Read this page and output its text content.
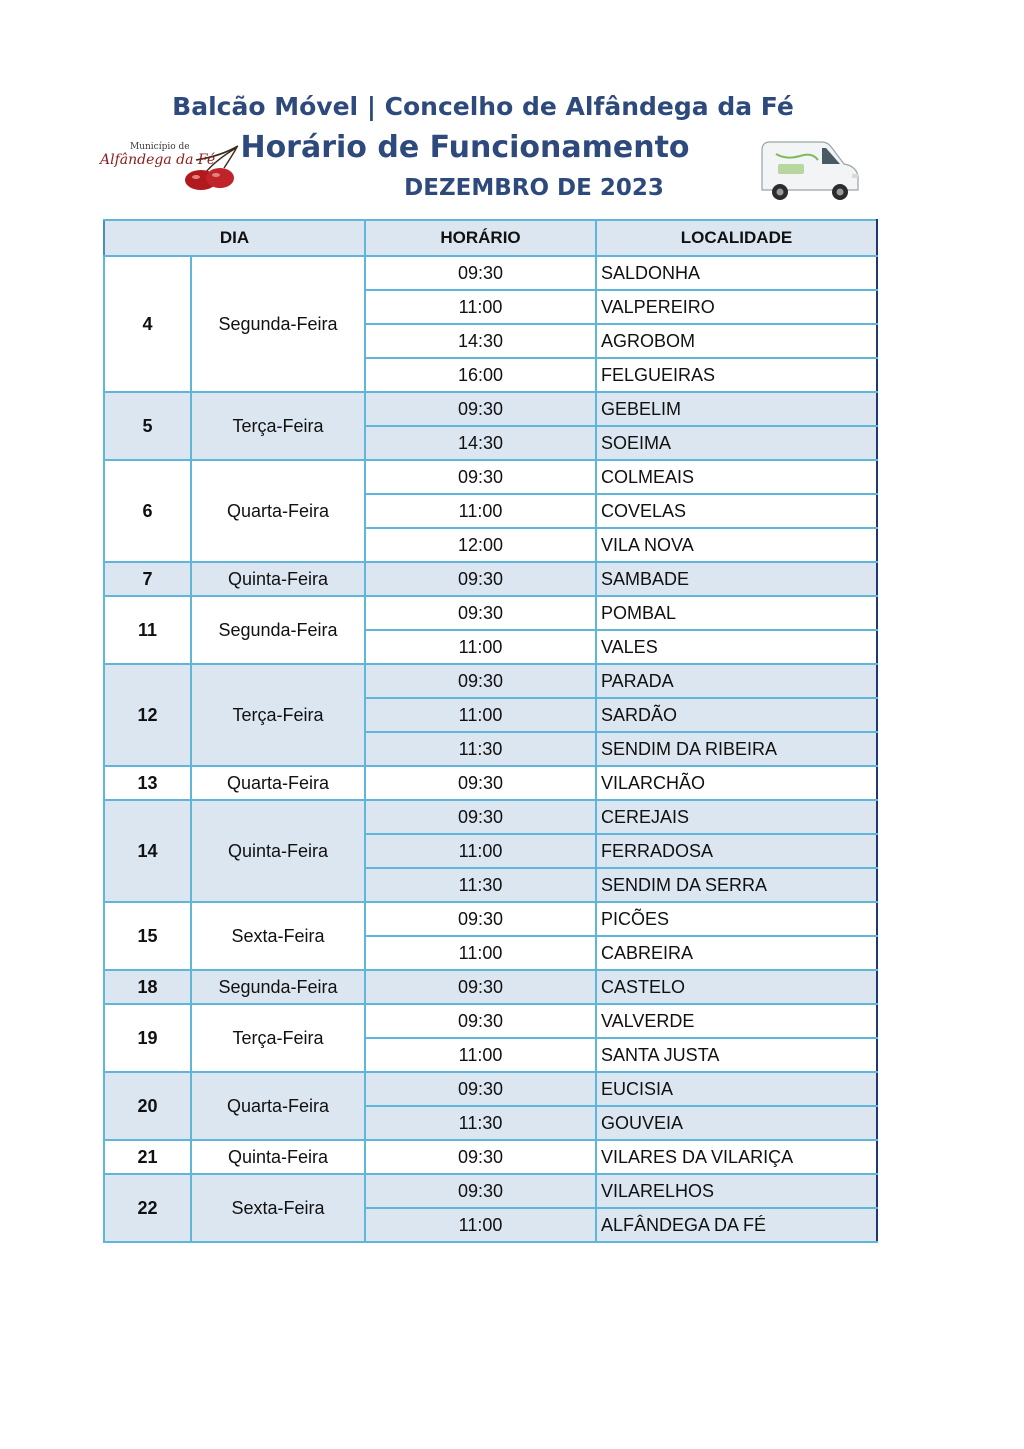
Balcão Móvel | Concelho de Alfândega da Fé
Horário de Funcionamento
DEZEMBRO DE 2023
Município de
Alfândega da Fé
DIA		HORÁRIO	LOCALIDADE
4	Segunda-Feira	09:30	SALDONHA
		11:00	VALPEREIRO
		14:30	AGROBOM
		16:00	FELGUEIRAS
5	Terça-Feira	09:30	GEBELIM
		14:30	SOEIMA
6	Quarta-Feira	09:30	COLMEAIS
		11:00	COVELAS
		12:00	VILA NOVA
7	Quinta-Feira	09:30	SAMBADE
11	Segunda-Feira	09:30	POMBAL
		11:00	VALES
12	Terça-Feira	09:30	PARADA
		11:00	SARDÃO
		11:30	SENDIM DA RIBEIRA
13	Quarta-Feira	09:30	VILARCHÃO
14	Quinta-Feira	09:30	CEREJAIS
		11:00	FERRADOSA
		11:30	SENDIM DA SERRA
15	Sexta-Feira	09:30	PICÕES
		11:00	CABREIRA
18	Segunda-Feira	09:30	CASTELO
19	Terça-Feira	09:30	VALVERDE
		11:00	SANTA JUSTA
20	Quarta-Feira	09:30	EUCISIA
		11:30	GOUVEIA
21	Quinta-Feira	09:30	VILARES DA VILARIÇA
22	Sexta-Feira	09:30	VILARELHOS
		11:00	ALFÂNDEGA DA FÉ
